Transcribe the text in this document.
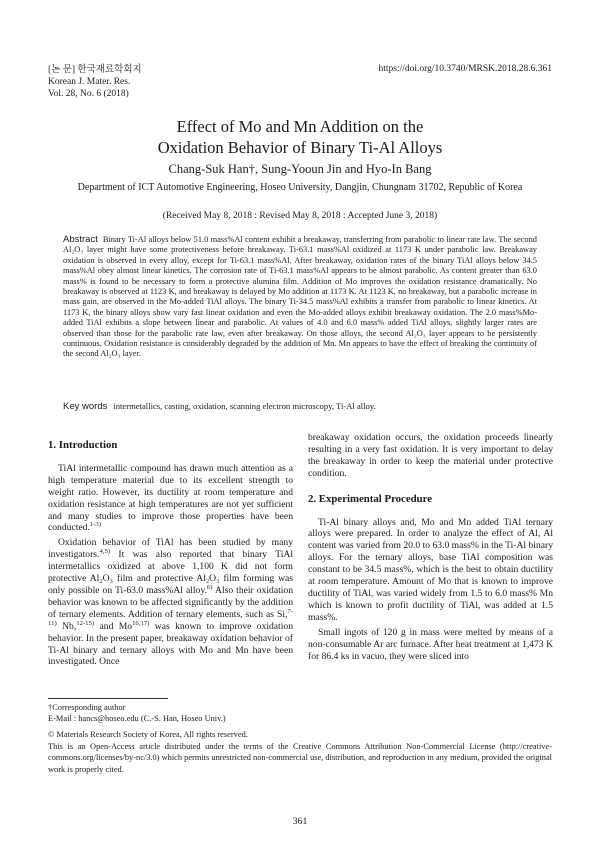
[논 문] 한국재료학회지
Korean J. Mater. Res.
Vol. 28, No. 6 (2018)
https://doi.org/10.3740/MRSK.2018.28.6.361
Effect of Mo and Mn Addition on the
Oxidation Behavior of Binary Ti-Al Alloys
Chang-Suk Han†, Sung-Yooun Jin and Hyo-In Bang
Department of ICT Automotive Engineering, Hoseo University, Dangjin, Chungnam 31702, Republic of Korea
(Received May 8, 2018 : Revised May 8, 2018 : Accepted June 3, 2018)
Abstract Binary Ti-Al alloys below 51.0 mass%Al content exhibit a breakaway, transferring from parabolic to linear rate law. The second Al₂O₃ layer might have some protectiveness before breakaway. Ti-63.1 mass%Al oxidized at 1173 K under parabolic law. Breakaway oxidation is observed in every alloy, except for Ti-63.1 mass%Al. After breakaway, oxidation rates of the binary TiAl alloys below 34.5 mass%Al obey almost linear kinetics. The corrosion rate of Ti-63.1 mass%Al appears to be almost parabolic. As content greater than 63.0 mass% is found to be necessary to form a protective alumina film. Addition of Mo improves the oxidation resistance dramatically. No breakaway is observed at 1123 K, and breakaway is delayed by Mo addition at 1173 K. At 1123 K, no breakaway, but a parabolic increase in mass gain, are observed in the Mo-added TiAl alloys. The binary Ti-34.5 mass%Al exhibits a transfer from parabolic to linear kinetics. At 1173 K, the binary alloys show vary fast linear oxidation and even the Mo-added alloys exhibit breakaway oxidation. The 2.0 mass%Mo-added TiAl exhibits a slope between linear and parabolic. At values of 4.0 and 6.0 mass% added TiAl alloys, slightly larger rates are observed than those for the parabolic rate law, even after breakaway. On those alloys, the second Al₂O₃ layer appears to be persistently continuous. Oxidation resistance is considerably degraded by the addition of Mn. Mn appears to have the effect of breaking the continuity of the second Al₂O₃ layer.
Key words intermetallics, casting, oxidation, scanning electron microscopy, Ti-Al alloy.
1. Introduction

TiAl intermetallic compound has drawn much attention as a high temperature material due to its excellent strength to weight ratio. However, its ductility at room temperature and oxidation resistance at high temperatures are not yet sufficient and many studies to improve those properties have been conducted.$^{1-3)}$

Oxidation behavior of TiAl has been studied by many investigators.$^{4,5)}$ It was also reported that binary TiAl intermetallics oxidized at above 1,100 K did not form protective Al₂O₃ film and protective Al₂O₃ film forming was only possible on Ti-63.0 mass%Al alloy.$^{6)}$ Also their oxidation behavior was known to be affected significantly by the addition of ternary elements. Addition of ternary elements, such as Si,$^{7-11)}$ Nb,$^{12-15)}$ and Mo$^{16,17)}$ was known to improve oxidation behavior. In the present paper, breakaway oxidation behavior of Ti-Al binary and ternary alloys with Mo and Mn have been investigated. Once

breakaway oxidation occurs, the oxidation proceeds linearly resulting in a very fast oxidation. It is very important to delay the breakaway in order to keep the material under protective condition.

2. Experimental Procedure

Ti-Al binary alloys and, Mo and Mn added TiAl ternary alloys were prepared. In order to analyze the effect of Al, Al content was varied from 20.0 to 63.0 mass% in the Ti-Al binary alloys. For the ternary alloys, base TiAl composition was constant to be 34.5 mass%, which is the best to obtain ductility at room temperature. Amount of Mo that is known to improve ductility of TiAl, was varied widely from 1.5 to 6.0 mass% Mn which is known to profit ductility of TiAl, was added at 1.5 mass%.

Small ingots of 120 g in mass were melted by means of a non-consumable Ar arc furnace. After heat treatment at 1,473 K for 86.4 ks in vacuo, they were sliced into

†Corresponding author
E-Mail : hancs@hoseo.edu (C.-S. Han, Hoseo Univ.)
© Materials Research Society of Korea, All rights reserved.
This is an Open-Access article distributed under the terms of the Creative Commons Attribution Non-Commercial License (http://creative-commons.org/licenses/by-nc/3.0) which permits unrestricted non-commercial use, distribution, and reproduction in any medium, provided the original work is properly cited.
361
